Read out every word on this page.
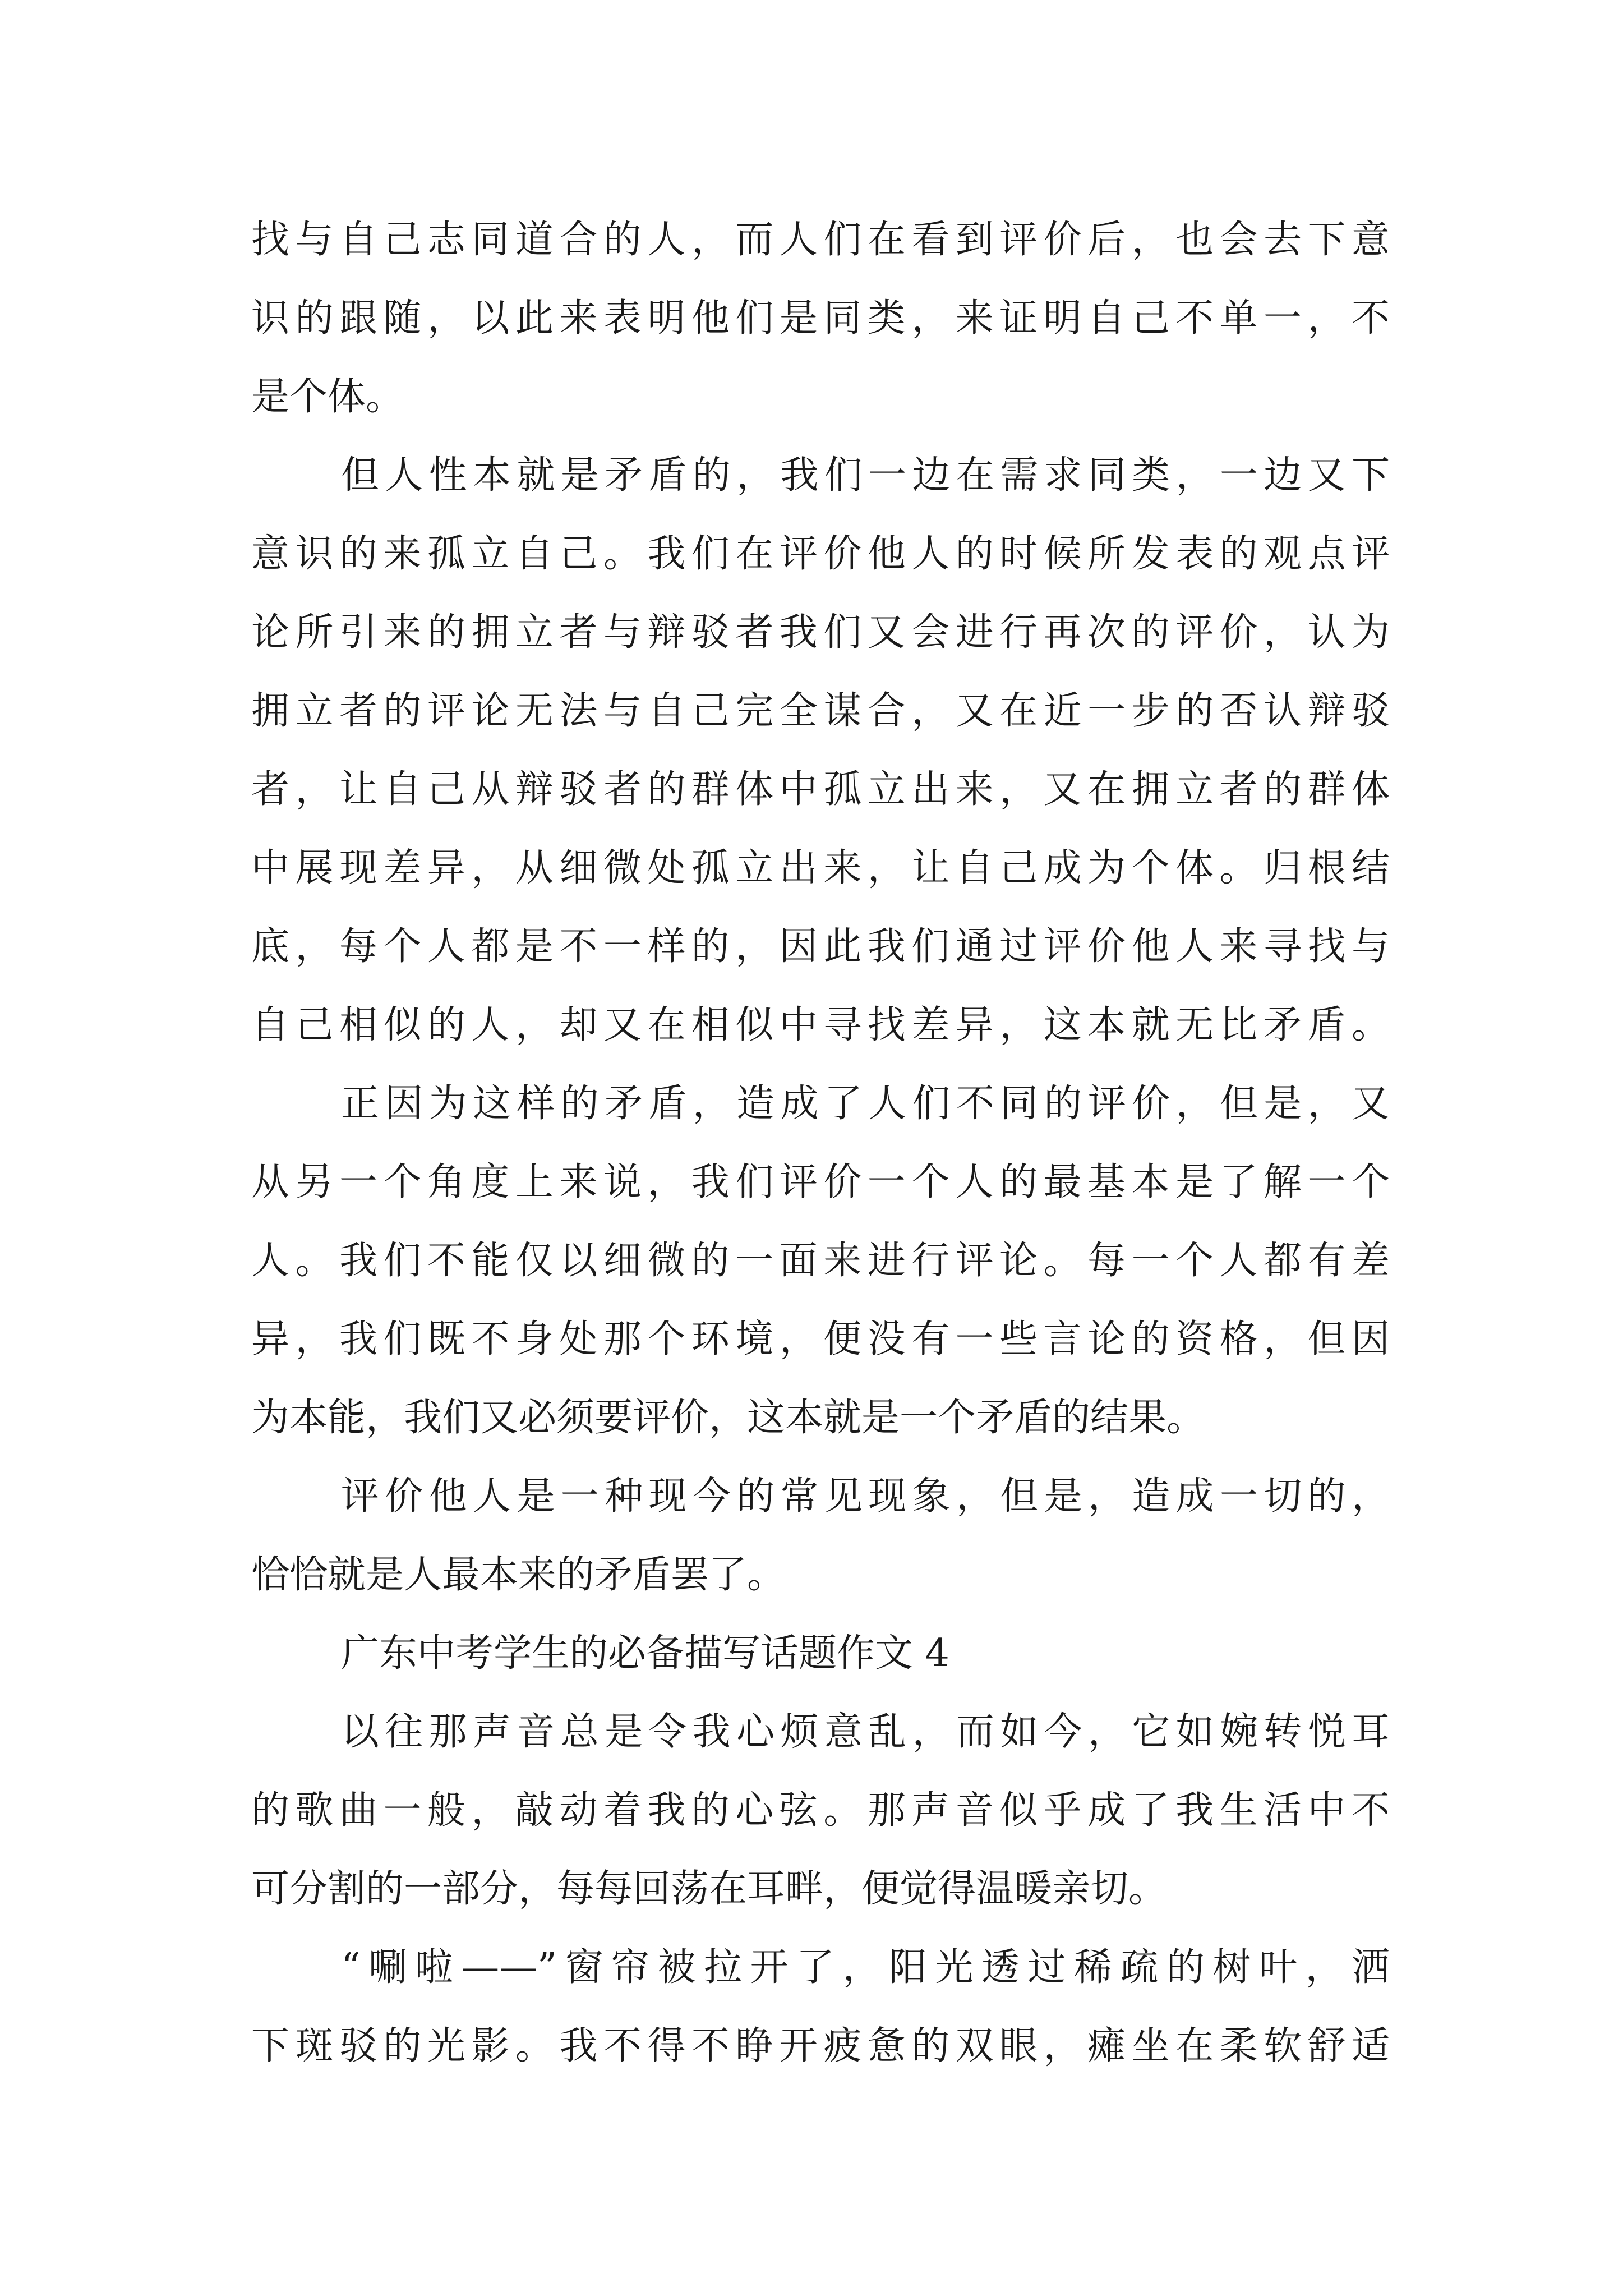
找与自己志同道合的人，而人们在看到评价后，也会去下意
识的跟随，以此来表明他们是同类，来证明自己不单一，不
是个体。
但人性本就是矛盾的，我们一边在需求同类，一边又下
意识的来孤立自己。我们在评价他人的时候所发表的观点评
论所引来的拥立者与辩驳者我们又会进行再次的评价，认为
拥立者的评论无法与自己完全谋合，又在近一步的否认辩驳
者，让自己从辩驳者的群体中孤立出来，又在拥立者的群体
中展现差异，从细微处孤立出来，让自己成为个体。归根结
底，每个人都是不一样的，因此我们通过评价他人来寻找与
自己相似的人，却又在相似中寻找差异，这本就无比矛盾。
正因为这样的矛盾，造成了人们不同的评价，但是，又
从另一个角度上来说，我们评价一个人的最基本是了解一个
人。我们不能仅以细微的一面来进行评论。每一个人都有差
异，我们既不身处那个环境，便没有一些言论的资格，但因
为本能，我们又必须要评价，这本就是一个矛盾的结果。
评价他人是一种现今的常见现象，但是，造成一切的，
恰恰就是人最本来的矛盾罢了。
广东中考学生的必备描写话题作文 4
以往那声音总是令我心烦意乱，而如今，它如婉转悦耳
的歌曲一般，敲动着我的心弦。那声音似乎成了我生活中不
可分割的一部分，每每回荡在耳畔，便觉得温暖亲切。
“唰啦——”窗帘被拉开了，阳光透过稀疏的树叶，洒
下斑驳的光影。我不得不睁开疲惫的双眼，瘫坐在柔软舒适
